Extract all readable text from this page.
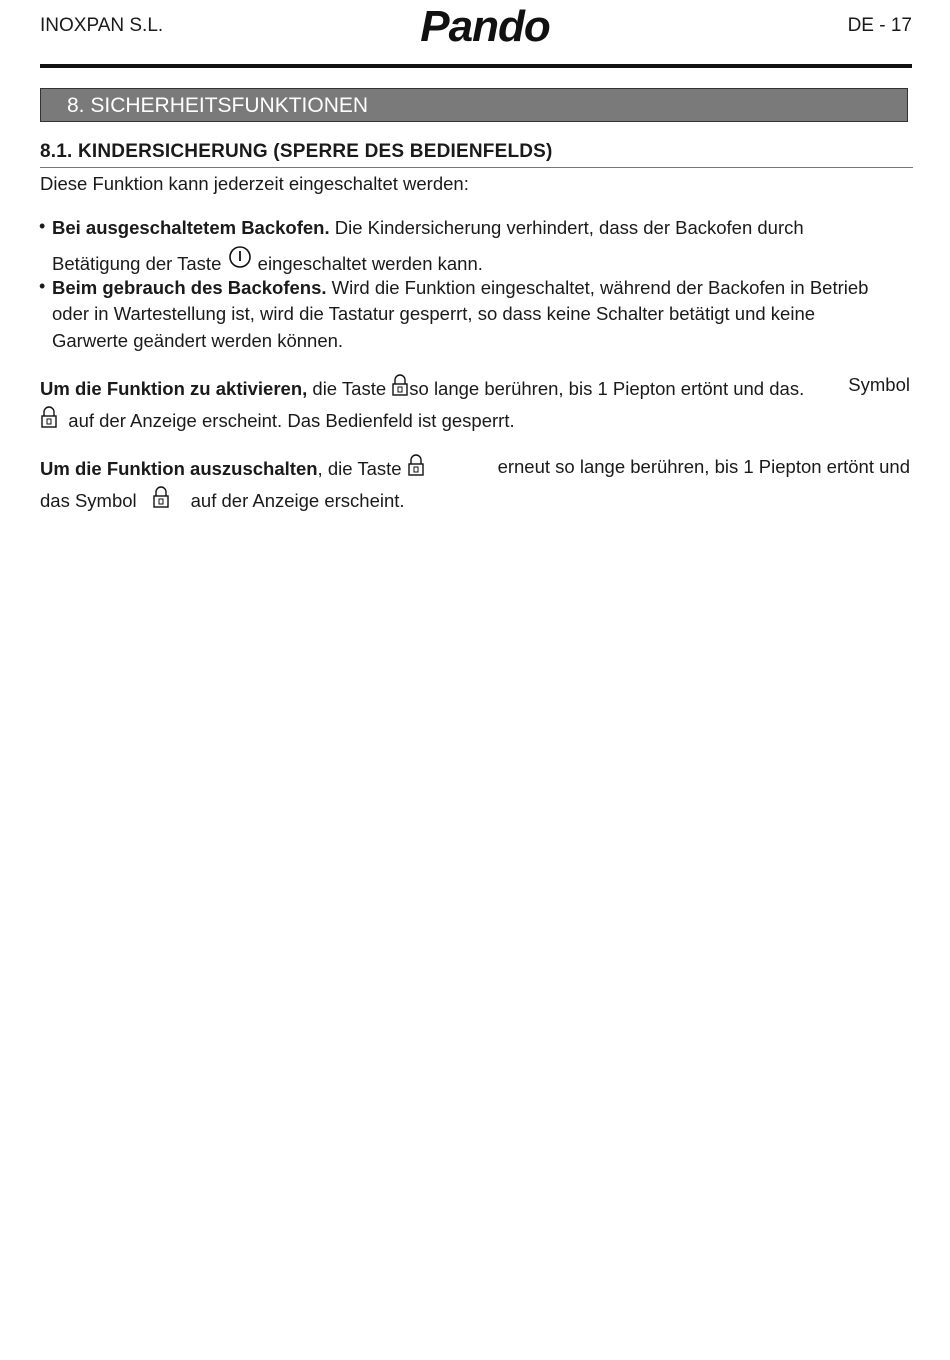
INOXPAN S.L.	Pando	DE - 17
8. SICHERHEITSFUNKTIONEN
8.1. KINDERSICHERUNG (SPERRE DES BEDIENFELDS)
Diese Funktion kann jederzeit eingeschaltet werden:
• Bei ausgeschaltetem Backofen. Die Kindersicherung verhindert, dass der Backofen durch
Betätigung der Taste eingeschaltet werden kann.
• Beim gebrauch des Backofens. Wird die Funktion eingeschaltet, während der Backofen in Betrieb
oder in Wartestellung ist, wird die Tastatur gesperrt, so dass keine Schalter betätigt und keine
Garwerte geändert werden können.
Um die Funktion zu aktivieren, die Taste so lange berühren, bis 1 Piepton ertönt und das. Symbol
auf der Anzeige erscheint. Das Bedienfeld ist gesperrt.
Um die Funktion auszuschalten, die Taste	erneut so lange berühren, bis 1 Piepton ertönt und
das Symbol	auf der Anzeige erscheint.
